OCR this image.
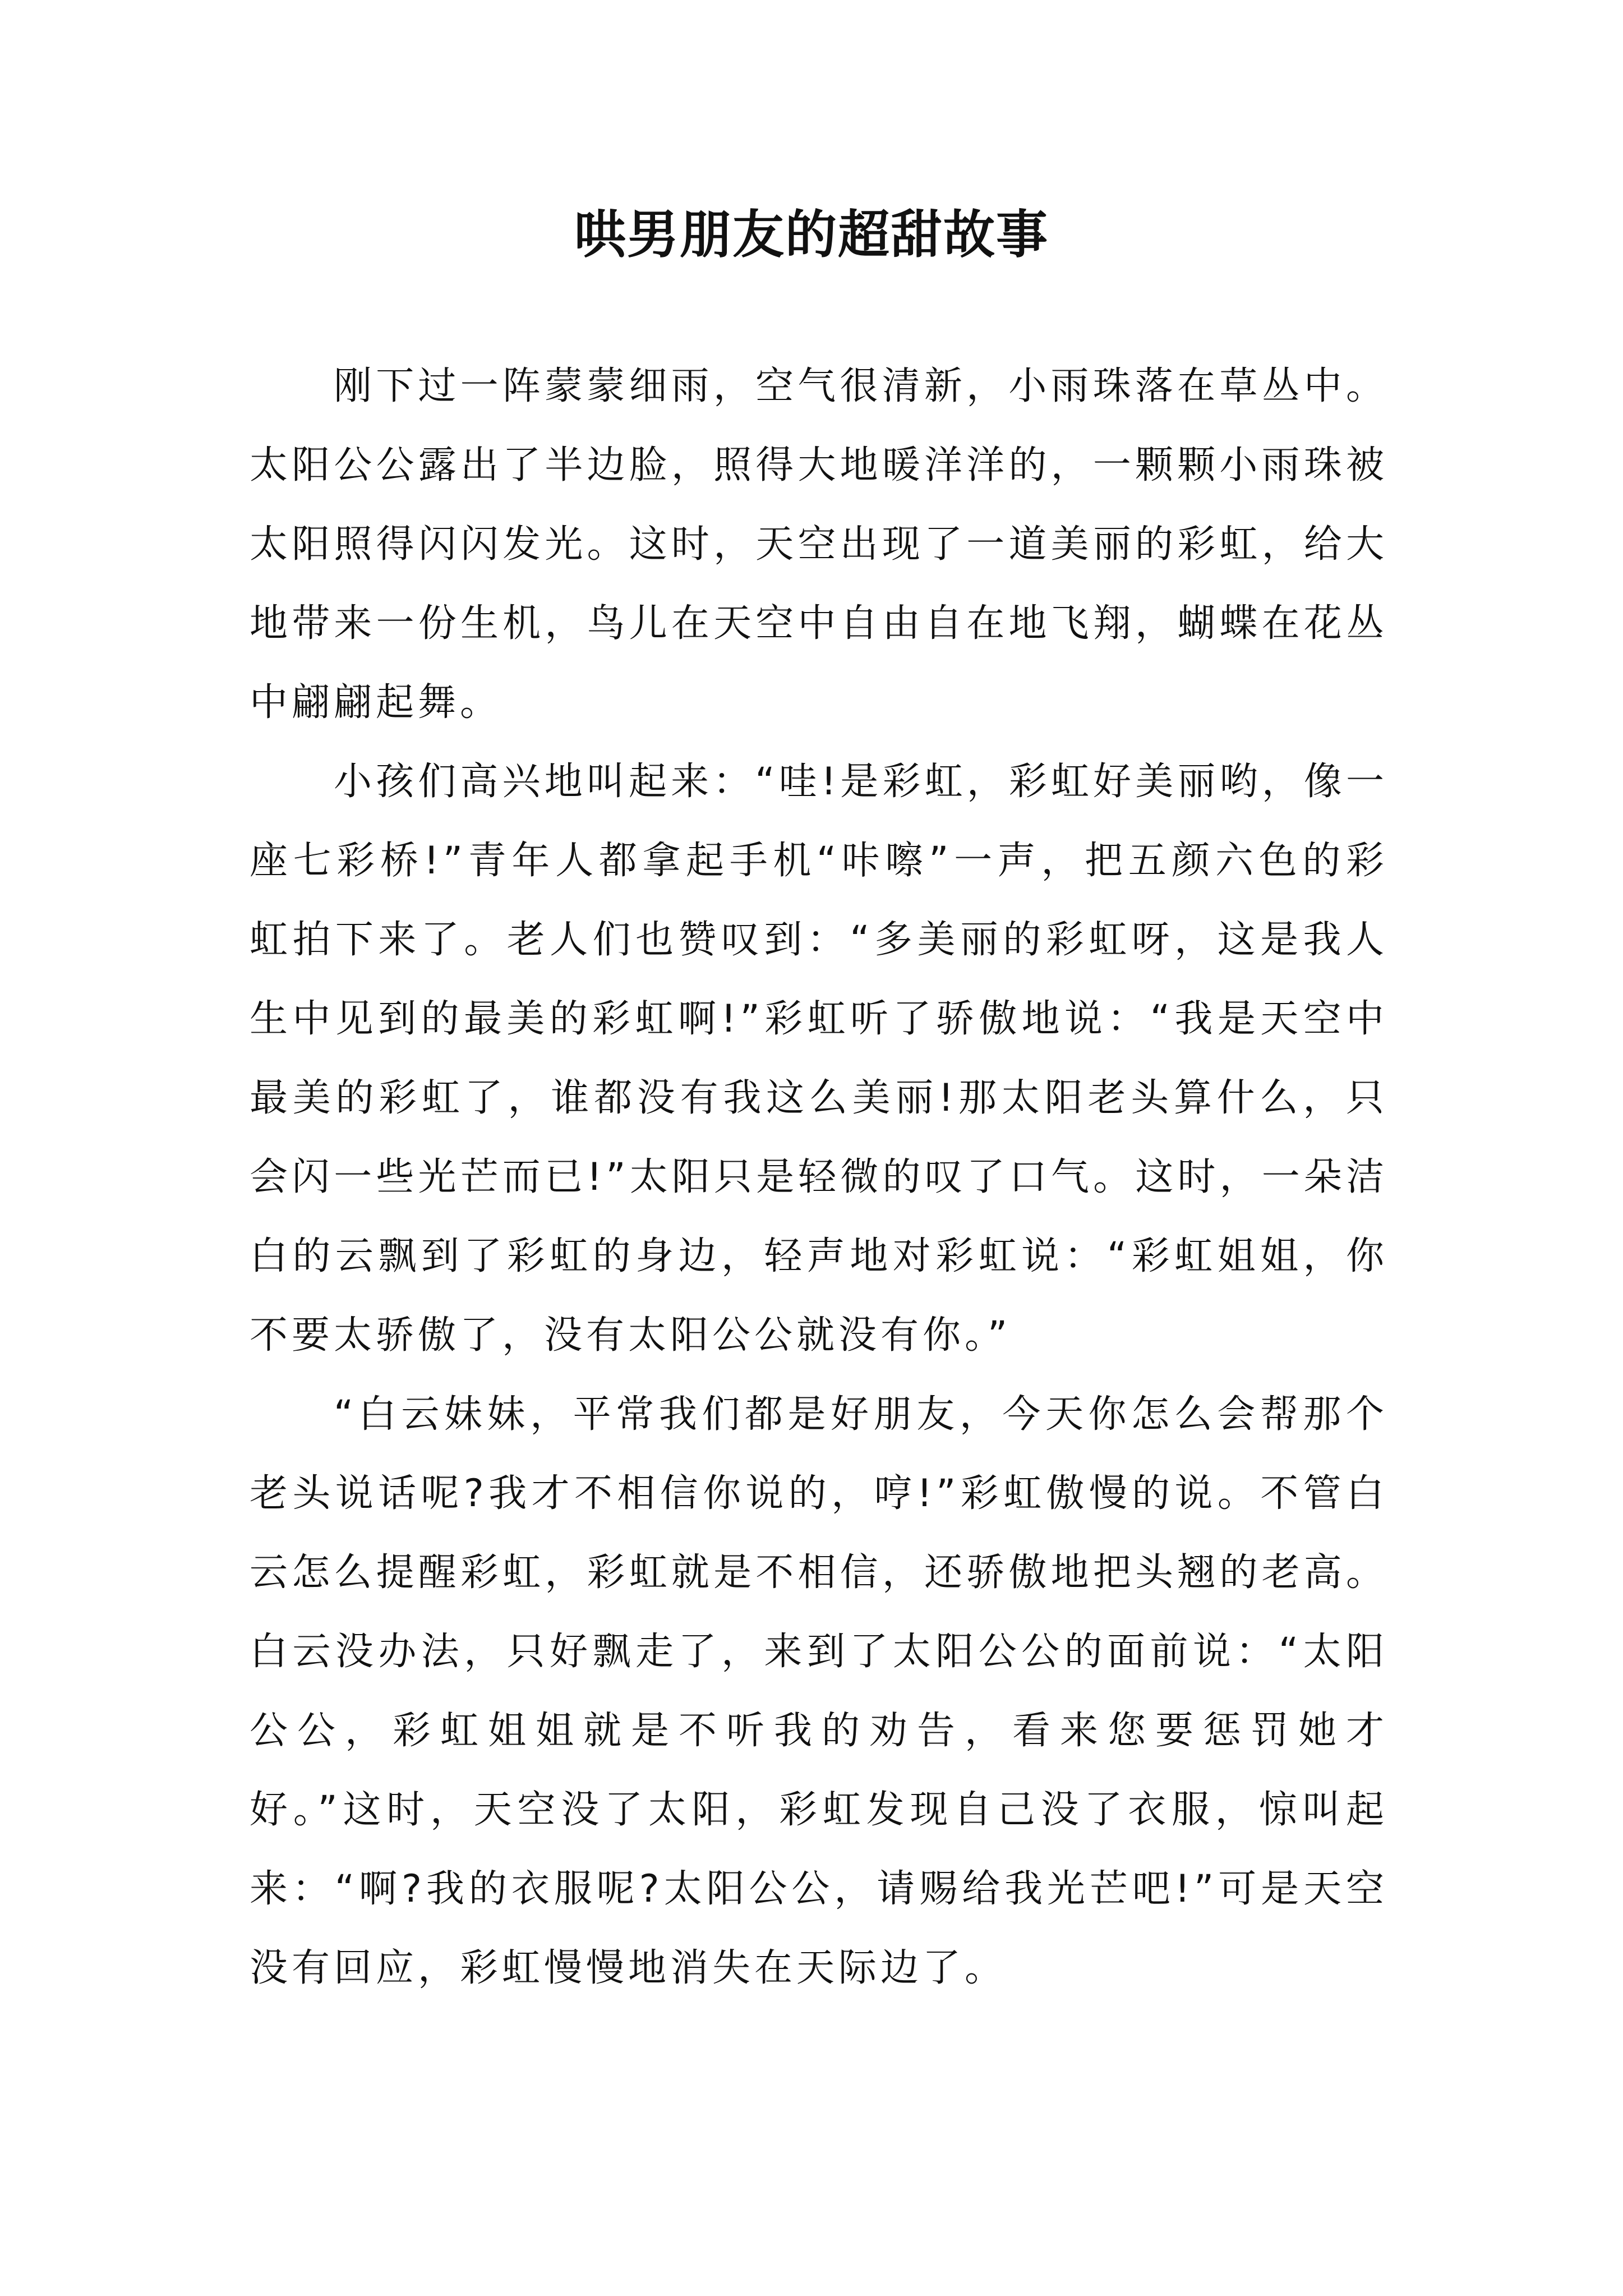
哄男朋友的超甜故事

刚下过一阵蒙蒙细雨，空气很清新，小雨珠落在草丛中。太阳公公露出了半边脸，照得大地暖洋洋的，一颗颗小雨珠被太阳照得闪闪发光。这时，天空出现了一道美丽的彩虹，给大地带来一份生机，鸟儿在天空中自由自在地飞翔，蝴蝶在花丛中翩翩起舞。

小孩们高兴地叫起来：“哇!是彩虹，彩虹好美丽哟，像一座七彩桥!”青年人都拿起手机“咔嚓”一声，把五颜六色的彩虹拍下来了。老人们也赞叹到：“多美丽的彩虹呀，这是我人生中见到的最美的彩虹啊!”彩虹听了骄傲地说：“我是天空中最美的彩虹了，谁都没有我这么美丽!那太阳老头算什么，只会闪一些光芒而已!”太阳只是轻微的叹了口气。这时，一朵洁白的云飘到了彩虹的身边，轻声地对彩虹说：“彩虹姐姐，你不要太骄傲了，没有太阳公公就没有你。”

“白云妹妹，平常我们都是好朋友，今天你怎么会帮那个老头说话呢?我才不相信你说的，哼!”彩虹傲慢的说。不管白云怎么提醒彩虹，彩虹就是不相信，还骄傲地把头翘的老高。白云没办法，只好飘走了，来到了太阳公公的面前说：“太阳公公，彩虹姐姐就是不听我的劝告，看来您要惩罚她才好。”这时，天空没了太阳，彩虹发现自己没了衣服，惊叫起来：“啊?我的衣服呢?太阳公公，请赐给我光芒吧!”可是天空没有回应，彩虹慢慢地消失在天际边了。
